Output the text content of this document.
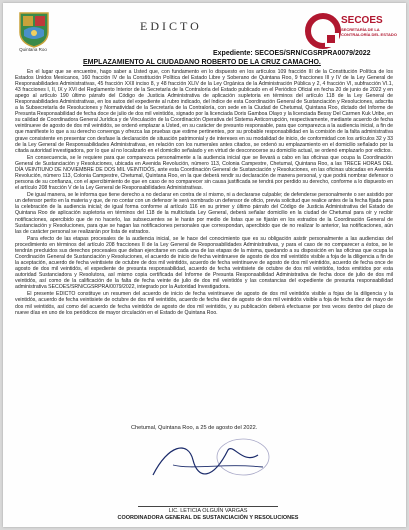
Quintana Roo
EDICTO	SECOES
SECRETARÍA DE LA CONTRALORÍA DEL ESTADO
Expediente: SECOES/SRN/CGSRPRA0079/2022
EMPLAZAMIENTO AL CIUDADANO ROBERTO DE LA CRUZ CAMACHO.

En el lugar que se encuentre, hago saber a Usted que, con fundamento en lo dispuesto en los artículos 109 fracción III de la Constitución Política de los Estados Unidos Mexicanos, 160 fracción IV de la Constitución Política del Estado Libre y Soberano de Quintana Roo, 9 fracciones III y IV de la Ley General de Responsabilidades Administrativas, 45 fracción XXII inciso 8, y 48 fracción XLIV de la Ley Orgánica de la Administración Pública y 2, 4 fracción VI, subfracción VI.1, 43 fracciones I, II, IX y XVI del Reglamento Interior de la Secretaría de la Contraloría del Estado publicado en el Periódico Oficial en fecha 20 de junio de 2022 y en apego al artículo 190 último párrafo del Código de Justicia Administrativa de aplicación supletoria en términos del artículo 118 de la Ley General de Responsabilidades Administrativas, en los autos del expediente al rubro indicado, del índice de esta Coordinación General de Sustanciación y Resoluciones, adscrita a la Subsecretaría de Resoluciones y Normatividad de la Secretaría de la Contraloría, con sede en la Ciudad de Chetumal, Quintana Roo, dictado del Informe de Presunta Responsabilidad de fecha doce de julio de dos mil veintidós, signado por la licenciada Doris Gamboa Olayo y la licenciada Bessy Del Carmen Kuk Uribe, en su calidad de Coordinadora General Jurídica y de Vinculación de la Coordinación Operativa del Sistema Anticorrupción, respectivamente, mediante acuerdo de fecha veintinueve de agosto de dos mil veintidós, se ordenó emplazar a Usted, en su carácter de presunto responsable, para que comparezca a la audiencia inicial, a fin de que manifieste lo que a su derecho convenga y ofrezca las pruebas que estime pertinentes, por su probable responsabilidad en la comisión de la falta administrativa grave consistente en presentar con desfase la declaración de situación patrimonial y de intereses en su modalidad de inicio, de conformidad con los artículos 32 y 33 de la Ley General de Responsabilidades Administrativas, en relación con los numerales antes citados, se ordenó su emplazamiento en el domicilio señalado por la citada autoridad investigadora, por lo que al no localizarlo en el domicilio señalado y en virtud de desconocerse su domicilio actual, se ordenó emplazarlo por edictos.

En consecuencia, se le requiere para que comparezca personalmente a la audiencia inicial que se llevará a cabo en las oficinas que ocupa la Coordinación General de Sustanciación y Resoluciones, ubicada en Avenida Revolución, número 113, Colonia Campestre, Chetumal, Quintana Roo, a las TRECE HORAS DEL DÍA VEINTIUNO DE NOVIEMBRE DE DOS MIL VEINTIDÓS, ante esta Coordinación General de Sustanciación y Resoluciones, en las oficinas ubicadas en Avenida Revolución, número 113, Colonia Campestre, Chetumal, Quintana Roo, en la que deberá rendir su declaración de manera personal, y que podrá nombrar defensor o persona de su confianza, con el apercibimiento de que en caso de no comparecer sin causa justificada se tendrá por perdido su derecho, conforme a lo dispuesto en el artículo 208 fracción V de la Ley General de Responsabilidades Administrativas.

De igual manera, se le informa que tiene derecho a no declarar en contra de sí mismo, ni a declararse culpable; de defenderse personalmente o ser asistido por un defensor perito en la materia y que, de no contar con un defensor le será nombrado un defensor de oficio, previa solicitud que realice antes de la fecha fijada para la celebración de la audiencia inicial; de igual forma conforme al artículo 116 en su primer y último párrafo del Código de Justicia Administrativa del Estado de Quintana Roo de aplicación supletoria en términos del 118 de la multicitada Ley General, deberá señalar domicilio en la ciudad de Chetumal para oír y recibir notificaciones, apercibido que de no hacerlo, las subsecuentes se le harán por medio de listas que se fijarán en los estrados de la Coordinación General de Sustanciación y Resoluciones, para que se hagan las notificaciones personales que correspondan, apercibido que de no realizar lo anterior, las notificaciones, aún las de carácter personal se realizarán por lista de estrados.

Para efecto de las etapas procesales de la audiencia inicial, se le hace del conocimiento que es su obligación asistir personalmente a las audiencias del procedimiento en términos del artículo 208 fracciones II de la Ley General de Responsabilidades Administrativas, y para el caso de no comparecer a éstos, se le tendrán precluidos sus derechos procesales que deban ejercitarse en cada una de las etapas de la misma, quedando a su disposición en las oficinas que ocupa la Coordinación General de Sustanciación y Resoluciones, el acuerdo de inicio de fecha veintinueve de agosto de dos mil veintidós visible a foja de la diligencia a fin de la aceptación, acuerdo de fecha veintisiete de octubre de dos mil veintidós, acuerdo de fecha veintinueve de agosto de dos mil veintidós, acuerdo de fecha once de agosto de dos mil veintidós, el expediente de presunta responsabilidad, acuerdo de fecha veintisiete de octubre de dos mil veintidós, todos emitidos por esta autoridad Sustanciadora y Resolutora, así mismo copia certificada del Informe de Presunta Responsabilidad Administrativa de fecha doce de julio de dos mil veintidós, así como de la calificación de la falta de fecha veinte de julio de dos mil veintidós y las constancias del expediente de presunta responsabilidad administrativa SECOES/SRN/CGSRPRA/0079/2022, integrado por la Autoridad Investigadora.

El presente EDICTO constituye un resumen del acuerdo de inicio de fecha veintinueve de agosto de dos mil veintidós visible a fojas de la diligencia y la veintidós, acuerdo de fecha veintisiete de octubre de dos mil veintidós, acuerdo de fecha diez de agosto de dos mil veintidós visible a foja de fecha diez de mayo de dos mil veintidós, así como del acuerdo de fecha veintidós de agosto de dos mil veintidós, y su publicación deberá efectuarse por tres veces dentro del plazo de nueve días en uno de los periódicos de mayor circulación en el Estado de Quintana Roo.

Chetumal, Quintana Roo, a 25 de agosto del 2022.
LIC. LETICIA OLGUÍN VARGAS
COORDINADORA GENERAL DE SUSTANCIACIÓN Y RESOLUCIONES
